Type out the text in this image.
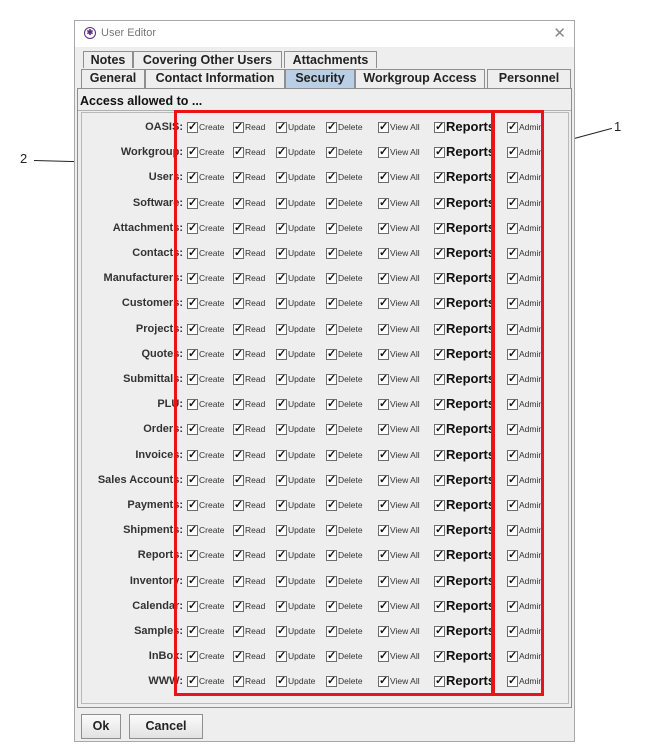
2
1
✱ User Editor	✕
Notes	Covering Other Users	Attachments
General	Contact Information	Security	Workgroup Access	Personnel
Access allowed to ...
OASIS: ✓ Create ✓ Read ✓	Update ✓	Delete ✓	View All ✓ Reports ✓	Admin
Workgroup: ✓ Create ✓ Read ✓	Update ✓	Delete ✓	View All ✓ Reports ✓	Admin
Users: ✓ Create ✓ Read ✓	Update ✓	Delete ✓	View All ✓ Reports ✓	Admin
Software: ✓ Create ✓ Read ✓	Update ✓	Delete ✓	View All ✓ Reports ✓	Admin
Attachments: ✓ Create ✓ Read ✓	Update ✓	Delete ✓	View All ✓ Reports ✓	Admin
Contacts: ✓ Create ✓ Read ✓	Update ✓	Delete ✓	View All ✓ Reports ✓	Admin
Manufacturers: ✓ Create ✓ Read ✓	Update ✓	Delete ✓	View All ✓ Reports ✓	Admin
Customers: ✓ Create ✓ Read ✓	Update ✓	Delete ✓	View All ✓ Reports ✓	Admin
Projects: ✓ Create ✓ Read ✓	Update ✓	Delete ✓	View All ✓ Reports ✓	Admin
Quotes: ✓ Create ✓ Read ✓	Update ✓	Delete ✓	View All ✓ Reports ✓	Admin
Submittals: ✓ Create ✓ Read ✓	Update ✓	Delete ✓	View All ✓ Reports ✓	Admin
PLU: ✓ Create ✓ Read ✓	Update ✓	Delete ✓	View All ✓ Reports ✓	Admin
Orders: ✓ Create ✓ Read ✓	Update ✓	Delete ✓	View All ✓ Reports ✓	Admin
Invoices: ✓ Create ✓ Read ✓	Update ✓	Delete ✓	View All ✓ Reports ✓	Admin
Sales Accounts: ✓ Create ✓ Read ✓	Update ✓	Delete ✓	View All ✓ Reports ✓	Admin
Payments: ✓ Create ✓ Read ✓	Update ✓	Delete ✓	View All ✓ Reports ✓	Admin
Shipments: ✓ Create ✓ Read ✓	Update ✓	Delete ✓	View All ✓ Reports ✓	Admin
Reports: ✓ Create ✓ Read ✓	Update ✓	Delete ✓	View All ✓ Reports ✓	Admin
Inventory: ✓ Create ✓ Read ✓	Update ✓	Delete ✓	View All ✓ Reports ✓	Admin
Calendar: ✓ Create ✓ Read ✓	Update ✓	Delete ✓	View All ✓ Reports ✓	Admin
Samples: ✓ Create ✓ Read ✓	Update ✓	Delete ✓	View All ✓ Reports ✓	Admin
InBox: ✓ Create ✓ Read ✓	Update ✓	Delete ✓	View All ✓ Reports ✓	Admin
WWW: ✓ Create ✓ Read ✓	Update ✓	Delete ✓	View All ✓ Reports ✓	Admin
Ok	Cancel
